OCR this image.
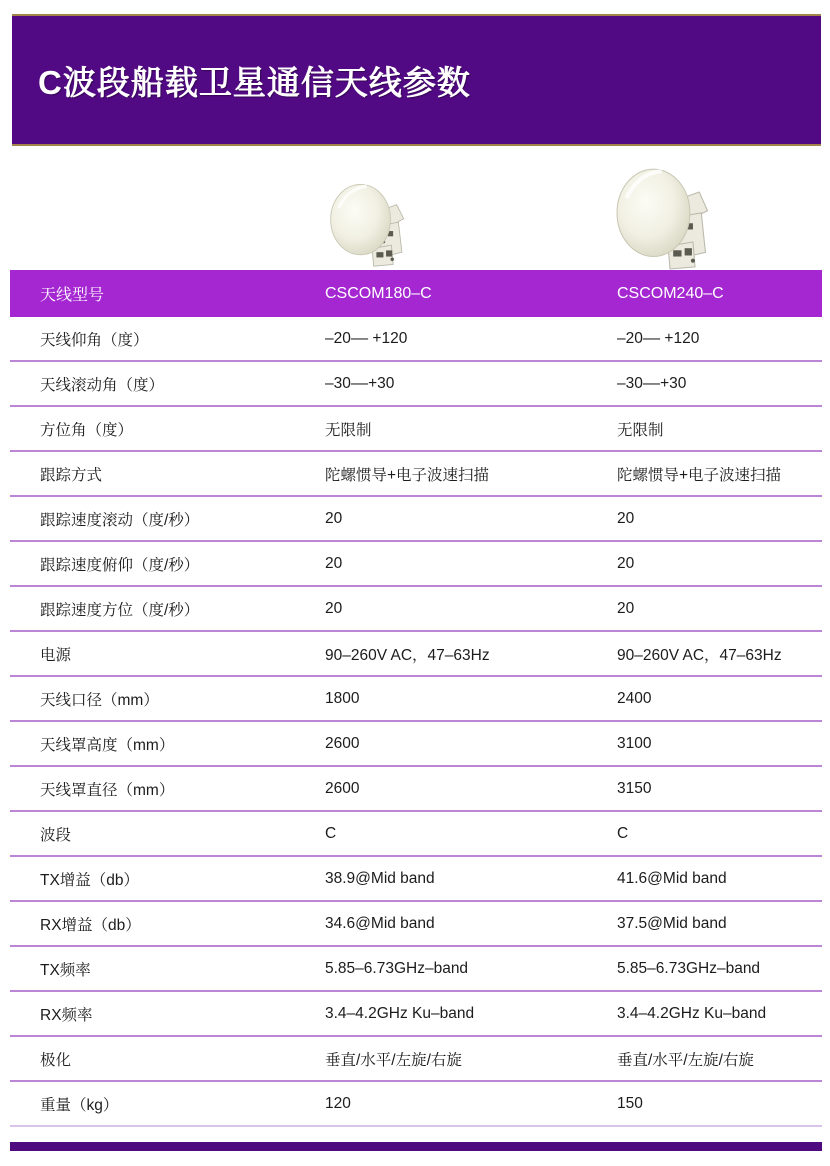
C波段船载卫星通信天线参数
天线型号	CSCOM180–C	CSCOM240–C
天线仰角（度）	–20–– +120	–20–– +120
天线滚动角（度）	–30––+30	–30––+30
方位角（度）	无限制	无限制
跟踪方式	陀螺惯导+电子波速扫描	陀螺惯导+电子波速扫描
跟踪速度滚动（度/秒）	20	20
跟踪速度俯仰（度/秒）	20	20
跟踪速度方位（度/秒）	20	20
电源	90–260V AC，47–63Hz	90–260V AC，47–63Hz
天线口径（mm）	1800	2400
天线罩高度（mm）	2600	3100
天线罩直径（mm）	2600	3150
波段	C	C
TX增益（db）	38.9@Mid band	41.6@Mid band
RX增益（db）	34.6@Mid band	37.5@Mid band
TX频率	5.85–6.73GHz–band	5.85–6.73GHz–band
RX频率	3.4–4.2GHz Ku–band	3.4–4.2GHz Ku–band
极化	垂直/水平/左旋/右旋	垂直/水平/左旋/右旋
重量（kg）	120	150
